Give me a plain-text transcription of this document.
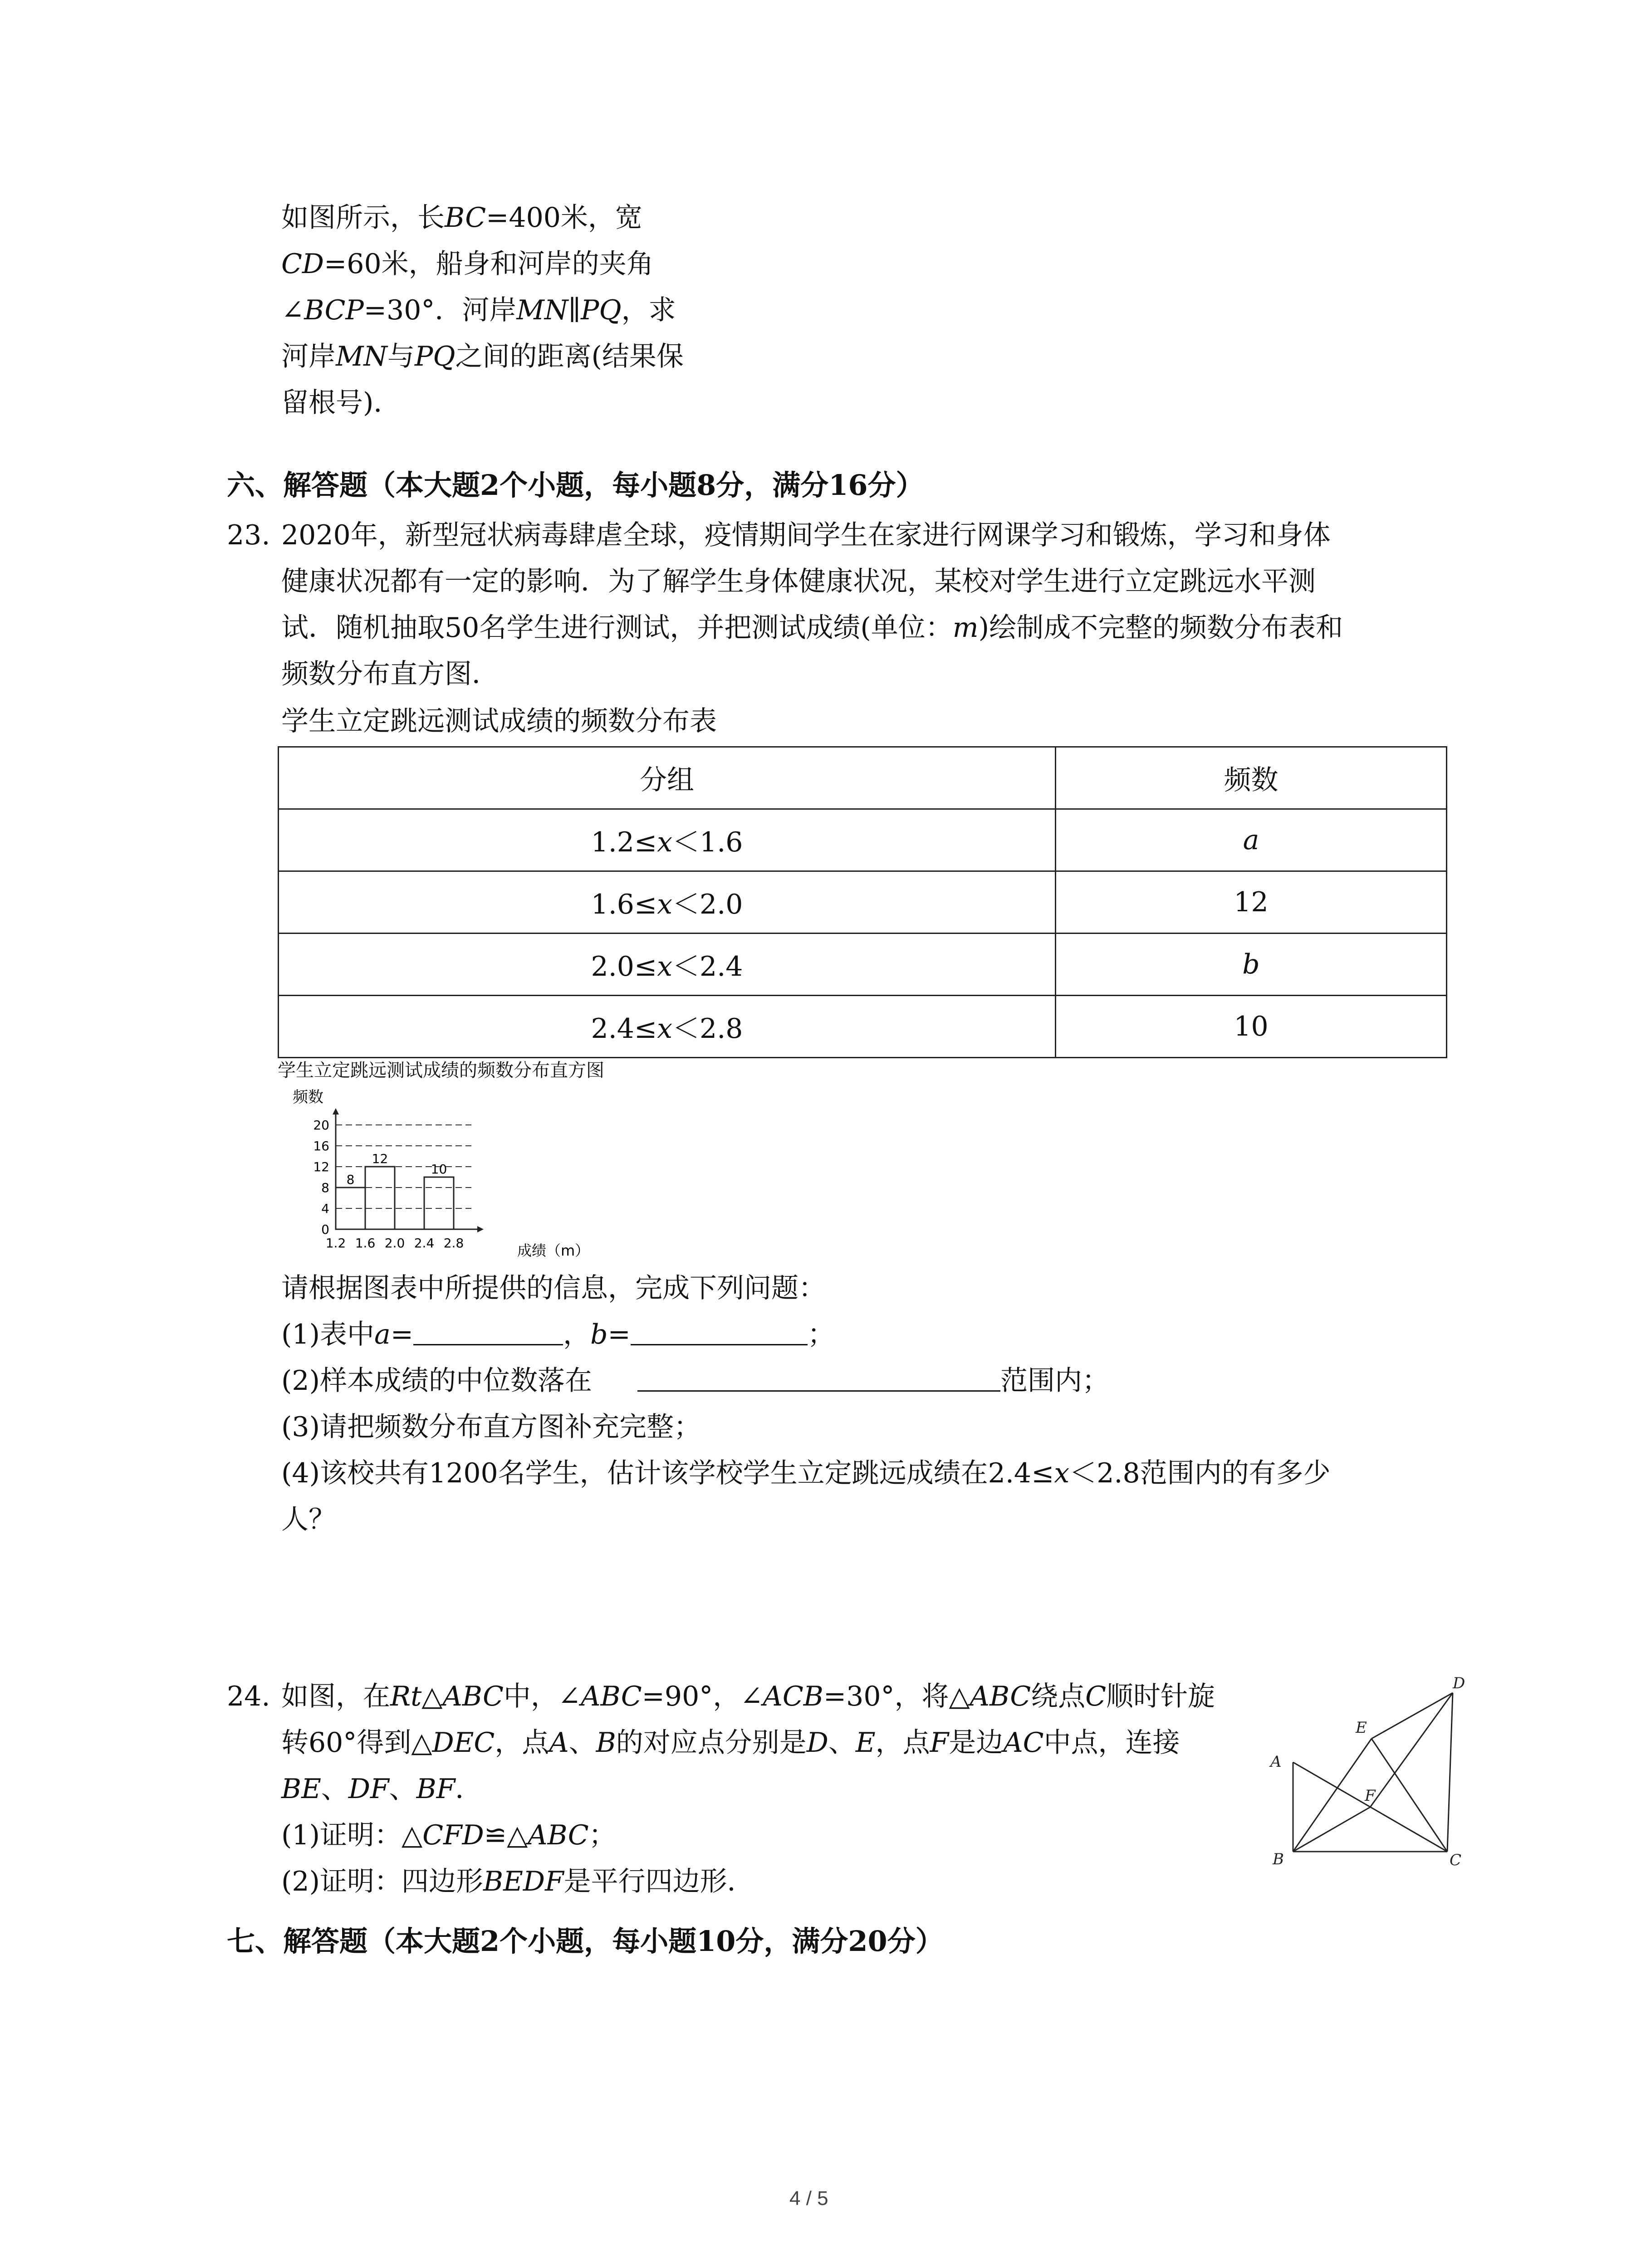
如图所示，长BC=400米，宽
CD=60米，船身和河岸的夹角
∠BCP=30°．河岸MN∥PQ，求
河岸MN与PQ之间的距离(结果保
留根号)．
六、解答题（本大题2个小题，每小题8分，满分16分）
23. 2020年，新型冠状病毒肆虐全球，疫情期间学生在家进行网课学习和锻炼，学习和身体
健康状况都有一定的影响．为了解学生身体健康状况，某校对学生进行立定跳远水平测
试．随机抽取50名学生进行测试，并把测试成绩(单位：m)绘制成不完整的频数分布表和
频数分布直方图．
学生立定跳远测试成绩的频数分布表
分组	频数
1.2≤x＜1.6	a
1.6≤x＜2.0	12
2.0≤x＜2.4	b
2.4≤x＜2.8	10
学生立定跳远测试成绩的频数分布直方图
频数
成绩（m）
8
12
10
0
4
8
12
16
20
1.2 1.6 2.0 2.4 2.8
请根据图表中所提供的信息，完成下列问题：
(1)表中a=	，b=	；
(2)样本成绩的中位数落在	范围内；
(3)请把频数分布直方图补充完整；
(4)该校共有1200名学生，估计该学校学生立定跳远成绩在2.4≤x＜2.8范围内的有多少
人？
24. 如图，在Rt△ABC中，∠ABC=90°，∠ACB=30°，将△ABC绕点C顺时针旋
转60°得到△DEC，点A、B的对应点分别是D、E，点F是边AC中点，连接
BE、DF、BF．
(1)证明：△CFD≌△ABC；
(2)证明：四边形BEDF是平行四边形．
A
B	C
D
E
F
七、解答题（本大题2个小题，每小题10分，满分20分）
4 / 5
